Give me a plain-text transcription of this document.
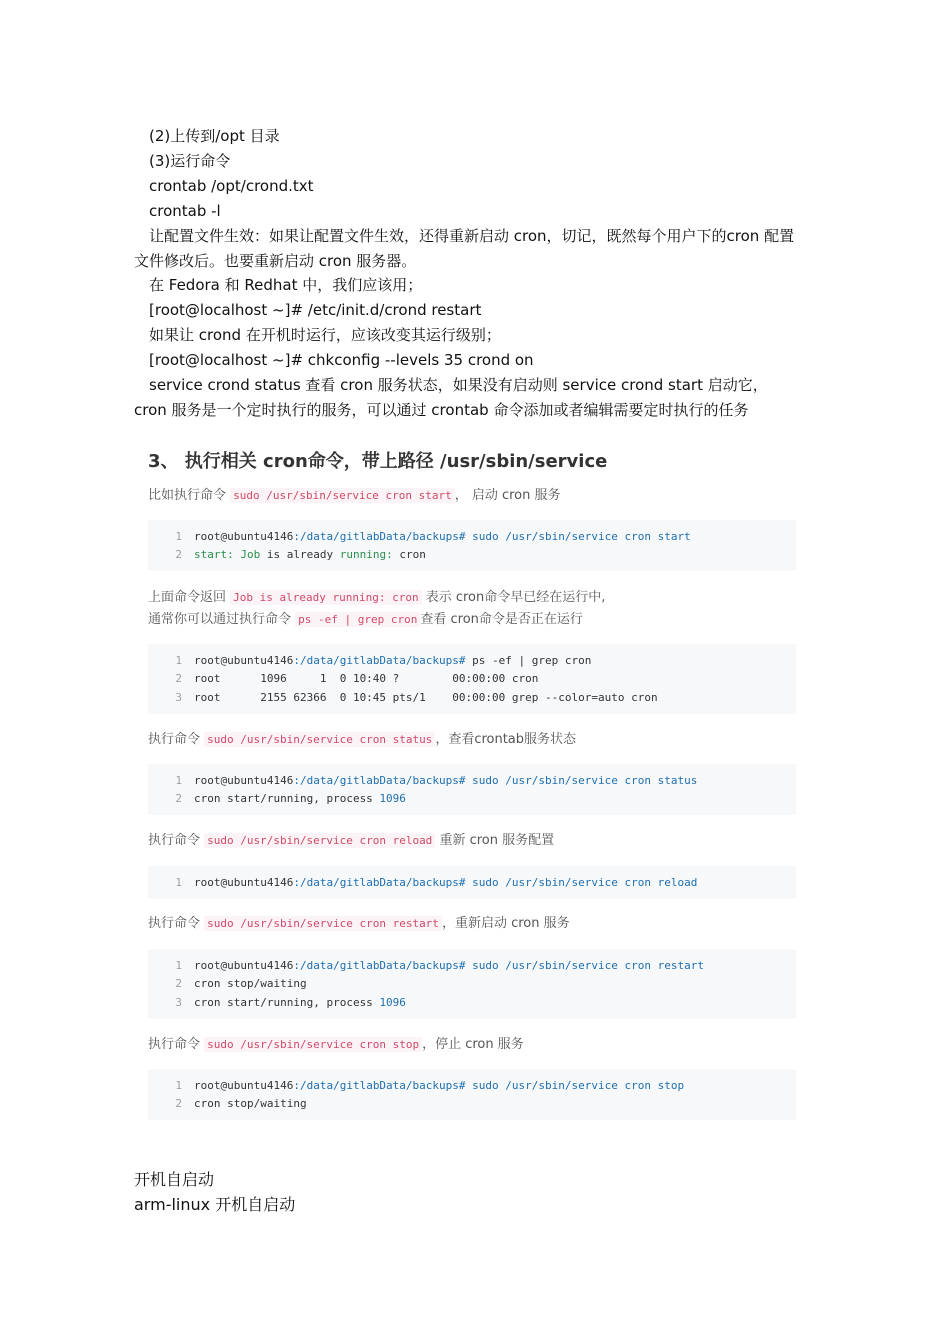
(2)上传到/opt 目录
(3)运行命令
crontab /opt/crond.txt
crontab -l
让配置文件生效：如果让配置文件生效，还得重新启动 cron，切记，既然每个用户下的cron 配置文件修改后。也要重新启动 cron 服务器。
在 Fedora 和 Redhat 中，我们应该用；
[root@localhost ~]# /etc/init.d/crond restart
如果让 crond 在开机时运行，应该改变其运行级别；
[root@localhost ~]# chkconfig --levels 35 crond on
service crond status 查看 cron 服务状态，如果没有启动则 service crond start 启动它，cron 服务是一个定时执行的服务，可以通过 crontab 命令添加或者编辑需要定时执行的任务
3、 执行相关 cron命令，带上路径 /usr/sbin/service
比如执行命令 sudo /usr/sbin/service cron start ， 启动 cron 服务
1	root@ubuntu4146:/data/gitlabData/backups# sudo /usr/sbin/service cron start
2	start: Job is already running: cron
上面命令返回 Job is already running: cron 表示 cron命令早已经在运行中,
通常你可以通过执行命令 ps -ef | grep cron 查看 cron命令是否正在运行
1	root@ubuntu4146:/data/gitlabData/backups# ps -ef | grep cron
2	root      1096     1  0 10:40 ?        00:00:00 cron
3	root      2155 62366  0 10:45 pts/1    00:00:00 grep --color=auto cron
执行命令 sudo /usr/sbin/service cron status ，查看crontab服务状态
1	root@ubuntu4146:/data/gitlabData/backups# sudo /usr/sbin/service cron status
2	cron start/running, process 1096
执行命令 sudo /usr/sbin/service cron reload 重新 cron 服务配置
1	root@ubuntu4146:/data/gitlabData/backups# sudo /usr/sbin/service cron reload
执行命令 sudo /usr/sbin/service cron restart ，重新启动 cron 服务
1	root@ubuntu4146:/data/gitlabData/backups# sudo /usr/sbin/service cron restart
2	cron stop/waiting
3	cron start/running, process 1096
执行命令 sudo /usr/sbin/service cron stop ，停止 cron 服务
1	root@ubuntu4146:/data/gitlabData/backups# sudo /usr/sbin/service cron stop
2	cron stop/waiting
开机自启动
arm-linux 开机自启动
